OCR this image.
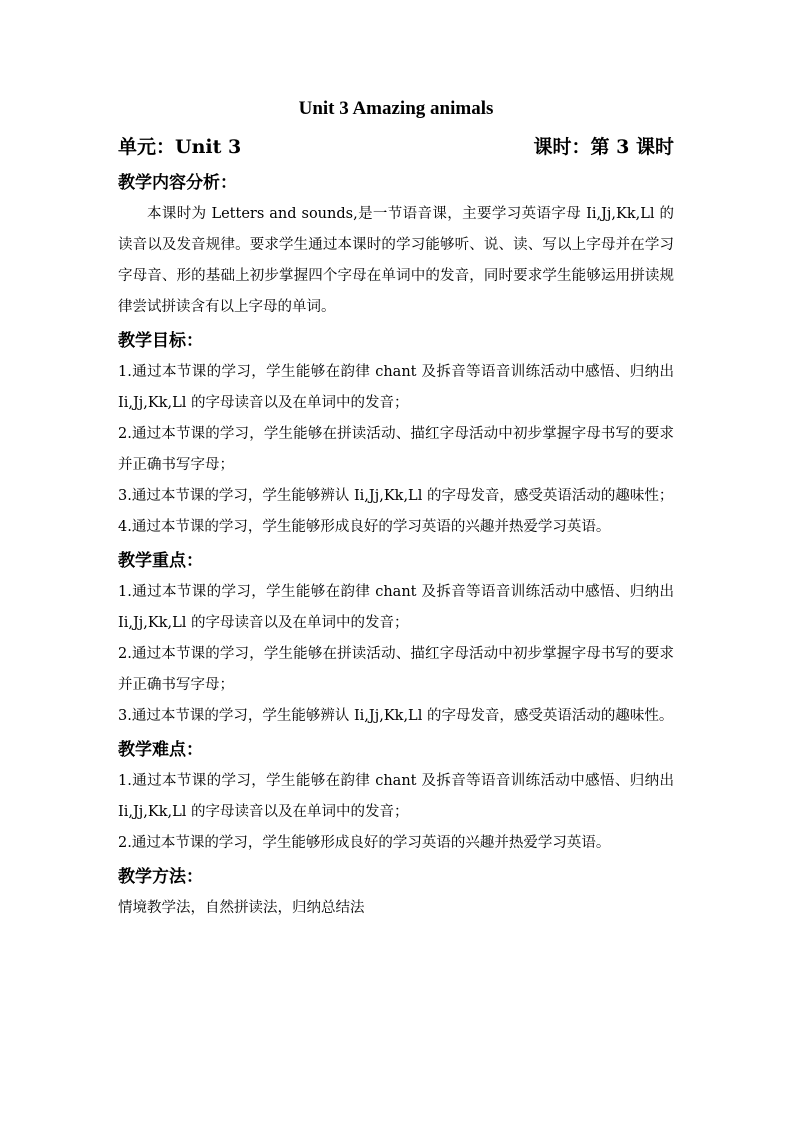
Unit 3 Amazing animals
单元：Unit 3	课时：第 3 课时
教学内容分析：
本课时为 Letters and sounds,是一节语音课，主要学习英语字母 Ii,Jj,Kk,Ll 的读音以及发音规律。要求学生通过本课时的学习能够听、说、读、写以上字母并在学习字母音、形的基础上初步掌握四个字母在单词中的发音，同时要求学生能够运用拼读规律尝试拼读含有以上字母的单词。
教学目标：
1.通过本节课的学习，学生能够在韵律 chant 及拆音等语音训练活动中感悟、归纳出 Ii,Jj,Kk,Ll 的字母读音以及在单词中的发音；
2.通过本节课的学习，学生能够在拼读活动、描红字母活动中初步掌握字母书写的要求并正确书写字母；
3.通过本节课的学习，学生能够辨认 Ii,Jj,Kk,Ll 的字母发音，感受英语活动的趣味性；
4.通过本节课的学习，学生能够形成良好的学习英语的兴趣并热爱学习英语。
教学重点：
1.通过本节课的学习，学生能够在韵律 chant 及拆音等语音训练活动中感悟、归纳出 Ii,Jj,Kk,Ll 的字母读音以及在单词中的发音；
2.通过本节课的学习，学生能够在拼读活动、描红字母活动中初步掌握字母书写的要求并正确书写字母；
3.通过本节课的学习，学生能够辨认 Ii,Jj,Kk,Ll 的字母发音，感受英语活动的趣味性。
教学难点：
1.通过本节课的学习，学生能够在韵律 chant 及拆音等语音训练活动中感悟、归纳出 Ii,Jj,Kk,Ll 的字母读音以及在单词中的发音；
2.通过本节课的学习，学生能够形成良好的学习英语的兴趣并热爱学习英语。
教学方法：
情境教学法，自然拼读法，归纳总结法
